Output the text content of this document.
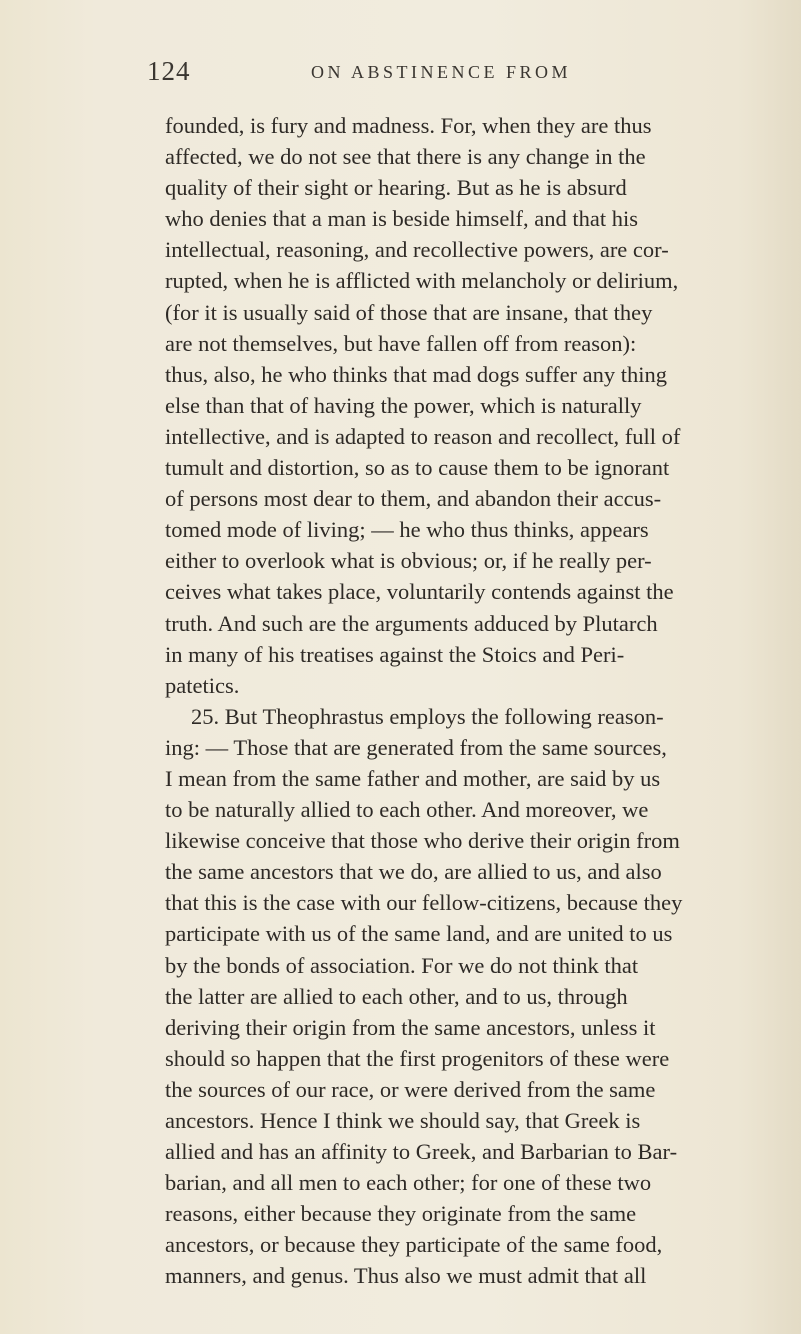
124	ON ABSTINENCE FROM
founded, is fury and madness. For, when they are thus
affected, we do not see that there is any change in the
quality of their sight or hearing. But as he is absurd
who denies that a man is beside himself, and that his
intellectual, reasoning, and recollective powers, are cor-
rupted, when he is afflicted with melancholy or delirium,
(for it is usually said of those that are insane, that they
are not themselves, but have fallen off from reason):
thus, also, he who thinks that mad dogs suffer any thing
else than that of having the power, which is naturally
intellective, and is adapted to reason and recollect, full of
tumult and distortion, so as to cause them to be ignorant
of persons most dear to them, and abandon their accus-
tomed mode of living; — he who thus thinks, appears
either to overlook what is obvious; or, if he really per-
ceives what takes place, voluntarily contends against the
truth. And such are the arguments adduced by Plutarch
in many of his treatises against the Stoics and Peri-
patetics.
25. But Theophrastus employs the following reason-
ing: — Those that are generated from the same sources,
I mean from the same father and mother, are said by us
to be naturally allied to each other. And moreover, we
likewise conceive that those who derive their origin from
the same ancestors that we do, are allied to us, and also
that this is the case with our fellow-citizens, because they
participate with us of the same land, and are united to us
by the bonds of association. For we do not think that
the latter are allied to each other, and to us, through
deriving their origin from the same ancestors, unless it
should so happen that the first progenitors of these were
the sources of our race, or were derived from the same
ancestors. Hence I think we should say, that Greek is
allied and has an affinity to Greek, and Barbarian to Bar-
barian, and all men to each other; for one of these two
reasons, either because they originate from the same
ancestors, or because they participate of the same food,
manners, and genus. Thus also we must admit that all
